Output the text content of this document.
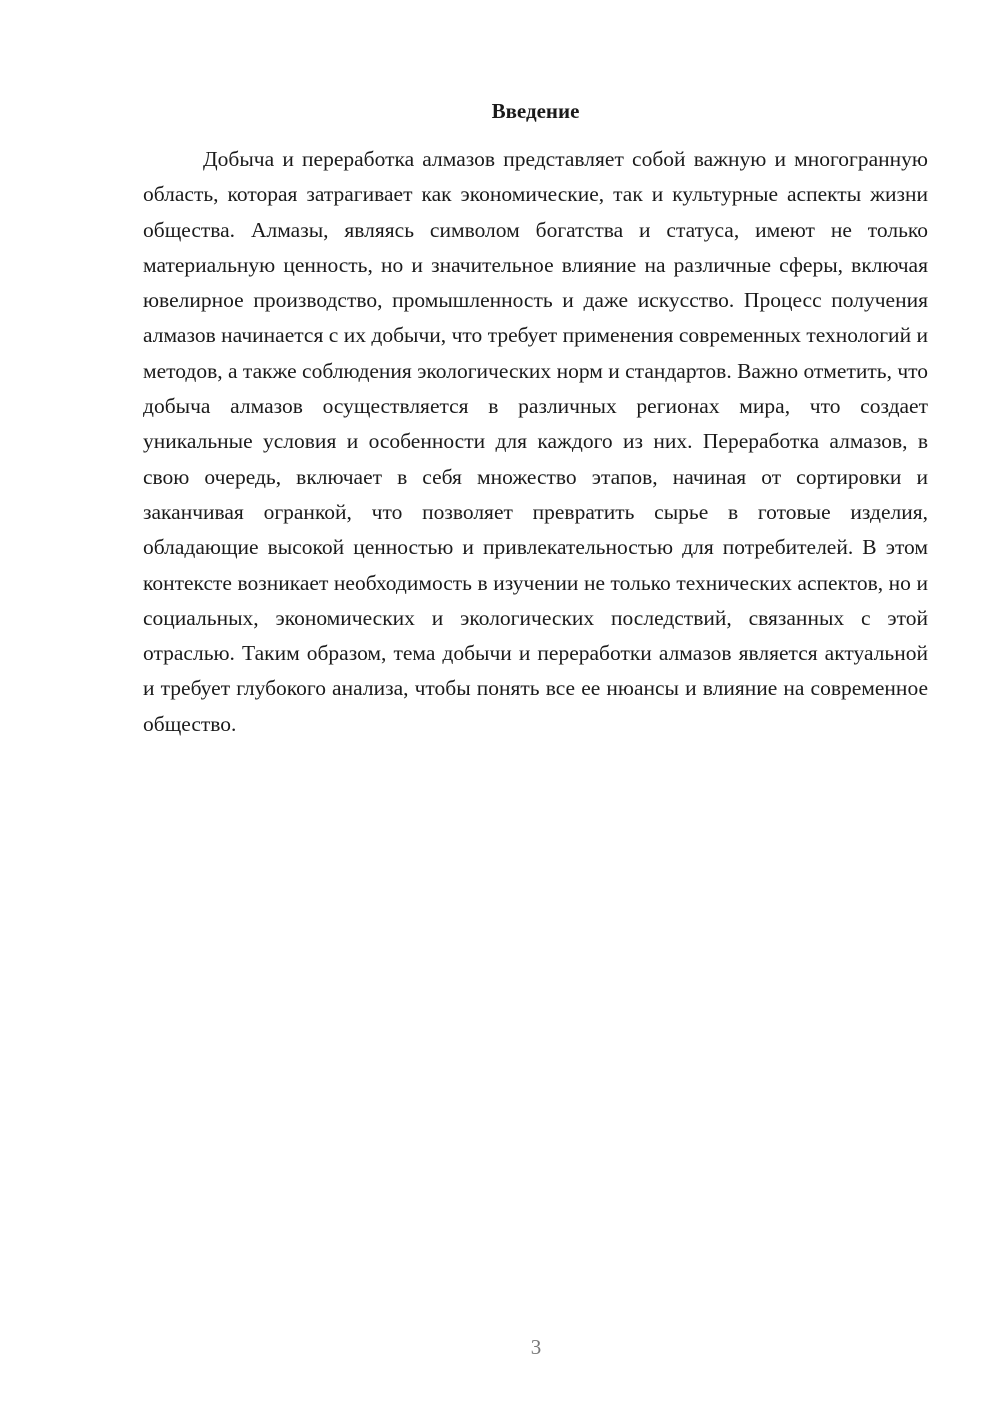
Введение

Добыча и переработка алмазов представляет собой важную и многогранную область, которая затрагивает как экономические, так и культурные аспекты жизни общества. Алмазы, являясь символом богатства и статуса, имеют не только материальную ценность, но и значительное влияние на различные сферы, включая ювелирное производство, промышленность и даже искусство. Процесс получения алмазов начинается с их добычи, что требует применения современных технологий и методов, а также соблюдения экологических норм и стандартов. Важно отметить, что добыча алмазов осуществляется в различных регионах мира, что создает уникальные условия и особенности для каждого из них. Переработка алмазов, в свою очередь, включает в себя множество этапов, начиная от сортировки и заканчивая огранкой, что позволяет превратить сырье в готовые изделия, обладающие высокой ценностью и привлекательностью для потребителей. В этом контексте возникает необходимость в изучении не только технических аспектов, но и социальных, экономических и экологических последствий, связанных с этой отраслью. Таким образом, тема добычи и переработки алмазов является актуальной и требует глубокого анализа, чтобы понять все ее нюансы и влияние на современное общество.

3
